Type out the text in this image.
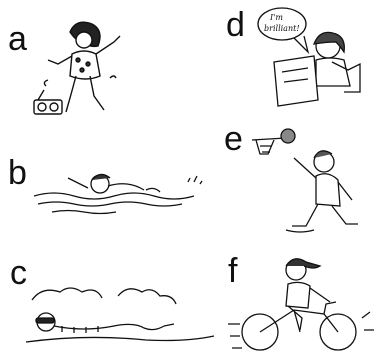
a
b
c
d
e
f
I'm
brilliant!
